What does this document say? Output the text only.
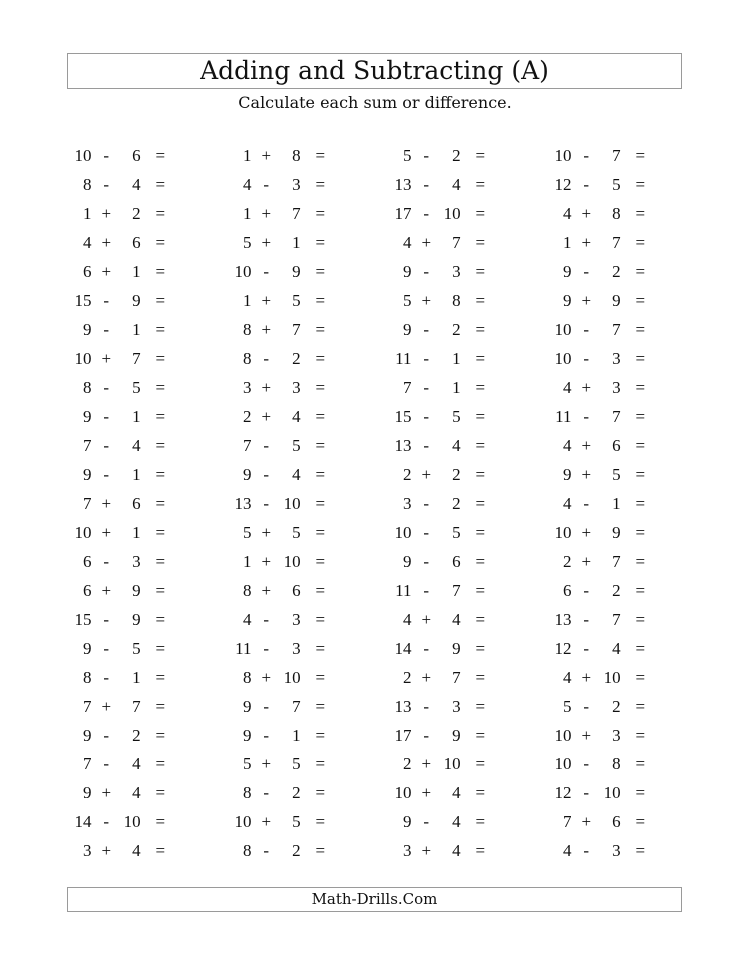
Adding and Subtracting (A)
Calculate each sum or difference.
10 -	6 =
8 -	4 =
1 +	2 =
4 +	6 =
6 +	1 =
15 -	9 =
9 -	1 =
10 +	7 =
8 -	5 =
9 -	1 =
7 -	4 =
9 -	1 =
7 +	6 =
10 +	1 =
6 -	3 =
6 +	9 =
15 -	9 =
9 -	5 =
8 -	1 =
7 +	7 =
9 -	2 =
7 -	4 =
9 +	4 =
14 - 10 =
3 +	4 =
1 +	8 =
4 -	3 =
1 +	7 =
5 +	1 =
10 -	9 =
1 +	5 =
8 +	7 =
8 -	2 =
3 +	3 =
2 +	4 =
7 -	5 =
9 -	4 =
13 - 10 =
5 +	5 =
1 + 10 =
8 +	6 =
4 -	3 =
11 -	3 =
8 + 10 =
9 -	7 =
9 -	1 =
5 +	5 =
8 -	2 =
10 +	5 =
8 -	2 =
5 -	2 =
13 -	4 =
17 - 10 =
4 +	7 =
9 -	3 =
5 +	8 =
9 -	2 =
11 -	1 =
7 -	1 =
15 -	5 =
13 -	4 =
2 +	2 =
3 -	2 =
10 -	5 =
9 -	6 =
11 -	7 =
4 +	4 =
14 -	9 =
2 +	7 =
13 -	3 =
17 -	9 =
2 + 10 =
10 +	4 =
9 -	4 =
3 +	4 =
10 -	7 =
12 -	5 =
4 +	8 =
1 +	7 =
9 -	2 =
9 +	9 =
10 -	7 =
10 -	3 =
4 +	3 =
11 -	7 =
4 +	6 =
9 +	5 =
4 -	1 =
10 +	9 =
2 +	7 =
6 -	2 =
13 -	7 =
12 -	4 =
4 + 10 =
5 -	2 =
10 +	3 =
10 -	8 =
12 - 10 =
7 +	6 =
4 -	3 =
Math-Drills.Com
